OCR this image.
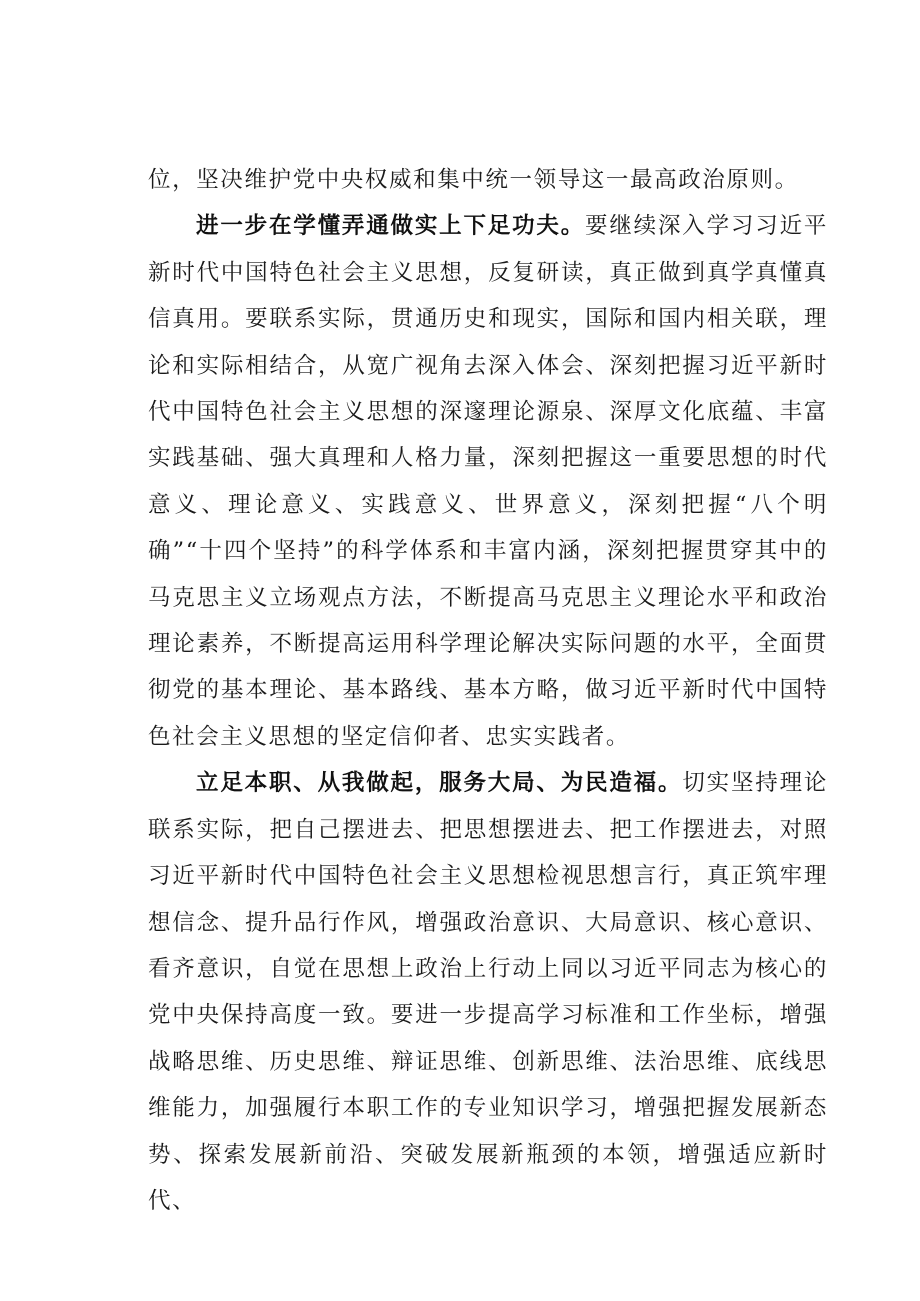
位，坚决维护党中央权威和集中统一领导这一最高政治原则。

进一步在学懂弄通做实上下足功夫。要继续深入学习习近平新时代中国特色社会主义思想，反复研读，真正做到真学真懂真信真用。要联系实际，贯通历史和现实，国际和国内相关联，理论和实际相结合，从宽广视角去深入体会、深刻把握习近平新时代中国特色社会主义思想的深邃理论源泉、深厚文化底蕴、丰富实践基础、强大真理和人格力量，深刻把握这一重要思想的时代意义、理论意义、实践意义、世界意义，深刻把握“八个明确”“十四个坚持”的科学体系和丰富内涵，深刻把握贯穿其中的马克思主义立场观点方法，不断提高马克思主义理论水平和政治理论素养，不断提高运用科学理论解决实际问题的水平，全面贯彻党的基本理论、基本路线、基本方略，做习近平新时代中国特色社会主义思想的坚定信仰者、忠实实践者。

立足本职、从我做起，服务大局、为民造福。切实坚持理论联系实际，把自己摆进去、把思想摆进去、把工作摆进去，对照习近平新时代中国特色社会主义思想检视思想言行，真正筑牢理想信念、提升品行作风，增强政治意识、大局意识、核心意识、看齐意识，自觉在思想上政治上行动上同以习近平同志为核心的党中央保持高度一致。要进一步提高学习标准和工作坐标，增强战略思维、历史思维、辩证思维、创新思维、法治思维、底线思维能力，加强履行本职工作的专业知识学习，增强把握发展新态势、探索发展新前沿、突破发展新瓶颈的本领，增强适应新时代、
